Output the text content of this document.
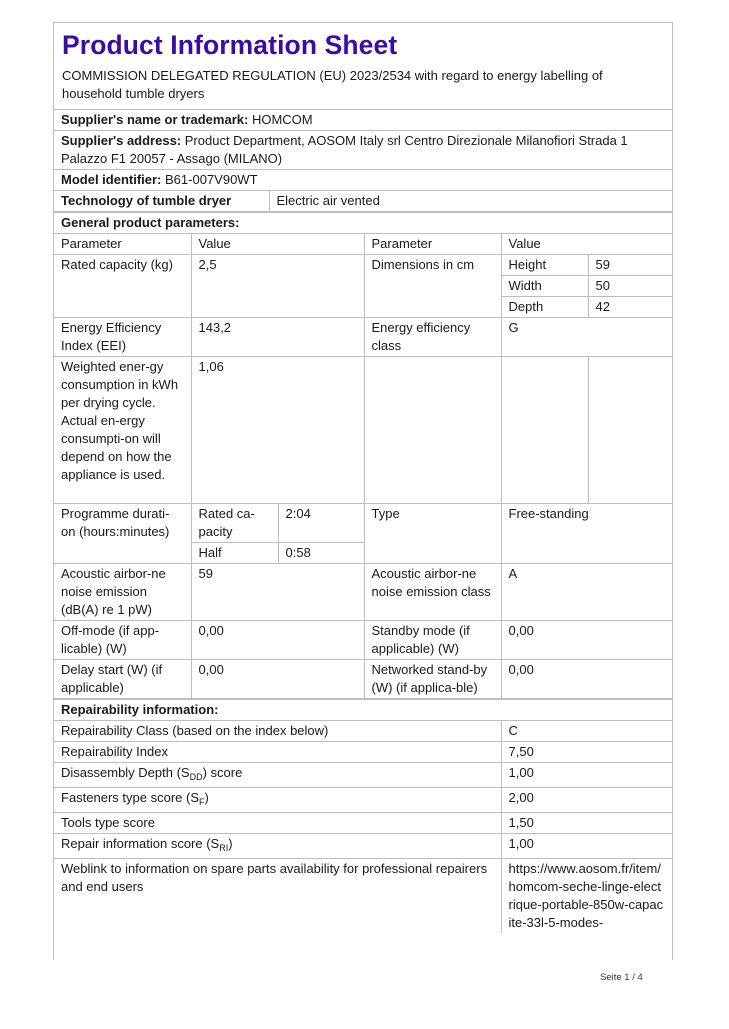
Product Information Sheet
COMMISSION DELEGATED REGULATION (EU) 2023/2534 with regard to energy labelling of household tumble dryers
Supplier's name or trademark: HOMCOM
Supplier's address: Product Department, AOSOM Italy srl Centro Direzionale Milanofiori Strada 1 Palazzo F1 20057 - Assago (MILANO)
Model identifier: B61-007V90WT
Technology of tumble dryer	Electric air vented
General product parameters:					
Parameter	Value		Parameter	Value	
Rated capacity (kg)	2,5		Dimensions in cm	Height	59
				Width	50
				Depth	42
Energy Efficiency Index (EEI)	143,2		Energy efficiency class	G	
Weighted ener-gy consumption in kWh per drying cycle. Actual en-ergy consumpti-on will depend on how the appliance is used.	1,06				
Programme durati-on (hours:minutes)	Rated ca-pacity	2:04	Type	Free-standing	
	Half	0:58			
Acoustic airbor-ne noise emission (dB(A) re 1 pW)	59		Acoustic airbor-ne noise emission class	A	
Off-mode (if app-licable) (W)	0,00		Standby mode (if applicable) (W)	0,00	
Delay start (W) (if applicable)	0,00		Networked stand-by (W) (if applica-ble)	0,00	
Repairability information:	
Repairability Class (based on the index below)	C
Repairability Index	7,50
Disassembly Depth $(S_{DD})$ score	1,00
Fasteners type score $(S_F)$	2,00
Tools type score	1,50
Repair information score $(S_{RI})$	1,00
Weblink to information on spare parts availability for professional repairers and end users	https://www.aosom.fr/item/homcom-seche-linge-electrique-portable-850w-capacite-33l-5-modes-
Seite 1 / 4
